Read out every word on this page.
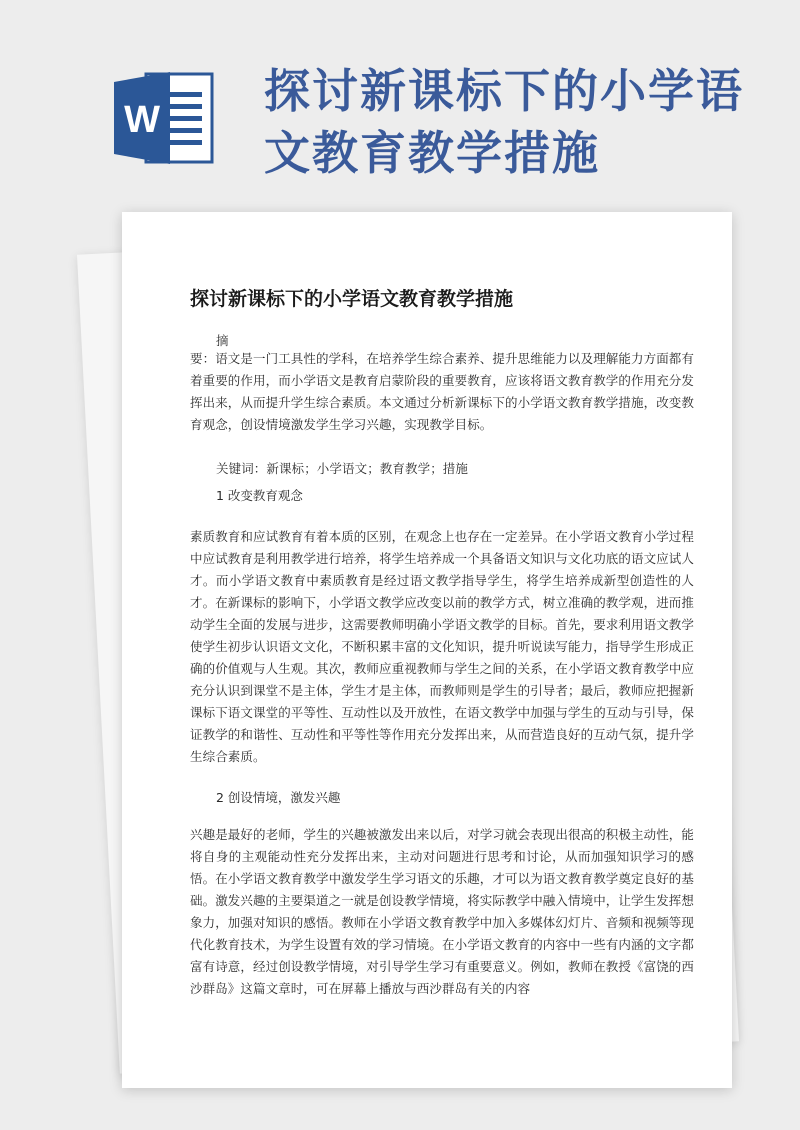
W
探讨新课标下的小学语
文教育教学措施
探讨新课标下的小学语文教育教学措施
摘
要：语文是一门工具性的学科，在培养学生综合素养、提升思维能力以及理解能力方面都有着重要的作用，而小学语文是教育启蒙阶段的重要教育，应该将语文教育教学的作用充分发挥出来，从而提升学生综合素质。本文通过分析新课标下的小学语文教育教学措施，改变教育观念，创设情境激发学生学习兴趣，实现教学目标。
关键词：新课标；小学语文；教育教学；措施
1 改变教育观念
素质教育和应试教育有着本质的区别，在观念上也存在一定差异。在小学语文教育小学过程中应试教育是利用教学进行培养，将学生培养成一个具备语文知识与文化功底的语文应试人才。而小学语文教育中素质教育是经过语文教学指导学生，将学生培养成新型创造性的人才。在新课标的影响下，小学语文教学应改变以前的教学方式，树立准确的教学观，进而推动学生全面的发展与进步，这需要教师明确小学语文教学的目标。首先，要求利用语文教学使学生初步认识语文文化，不断积累丰富的文化知识，提升听说读写能力，指导学生形成正确的价值观与人生观。其次，教师应重视教师与学生之间的关系，在小学语文教育教学中应充分认识到课堂不是主体，学生才是主体，而教师则是学生的引导者；最后，教师应把握新课标下语文课堂的平等性、互动性以及开放性，在语文教学中加强与学生的互动与引导，保证教学的和谐性、互动性和平等性等作用充分发挥出来，从而营造良好的互动气氛，提升学生综合素质。
2 创设情境，激发兴趣
兴趣是最好的老师，学生的兴趣被激发出来以后，对学习就会表现出很高的积极主动性，能将自身的主观能动性充分发挥出来，主动对问题进行思考和讨论，从而加强知识学习的感悟。在小学语文教育教学中激发学生学习语文的乐趣，才可以为语文教育教学奠定良好的基础。激发兴趣的主要渠道之一就是创设教学情境，将实际教学中融入情境中，让学生发挥想象力，加强对知识的感悟。教师在小学语文教育教学中加入多媒体幻灯片、音频和视频等现代化教育技术，为学生设置有效的学习情境。在小学语文教育的内容中一些有内涵的文字都富有诗意，经过创设教学情境，对引导学生学习有重要意义。例如，教师在教授《富饶的西沙群岛》这篇文章时，可在屏幕上播放与西沙群岛有关的内容
